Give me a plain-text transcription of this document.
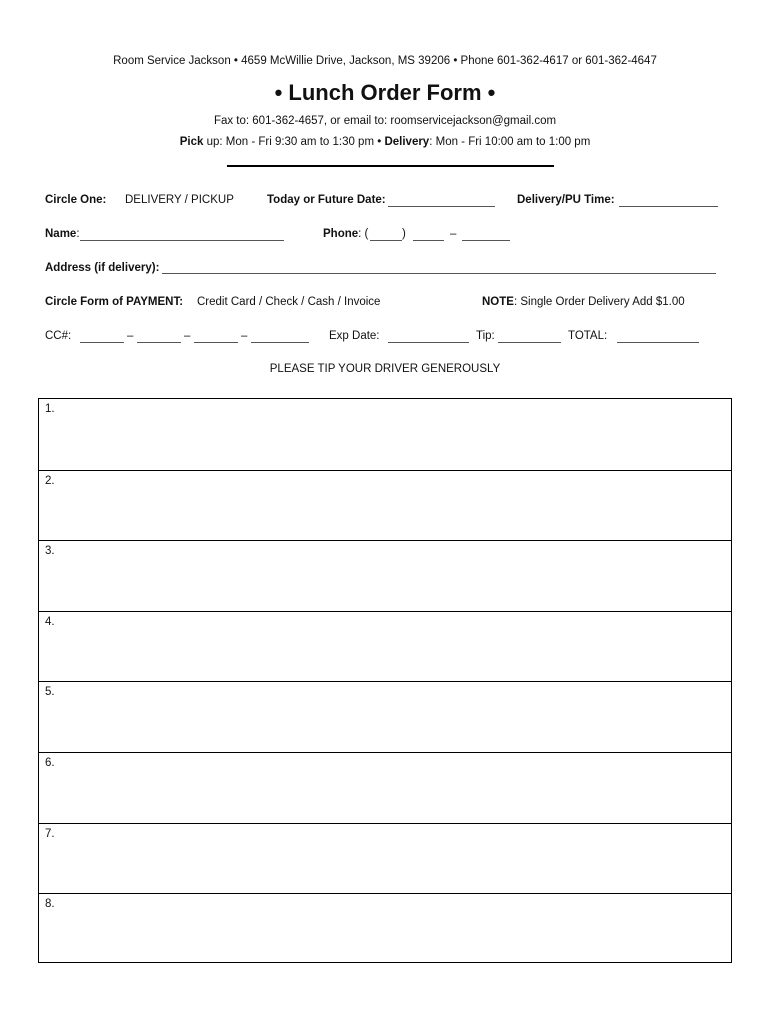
Room Service Jackson • 4659 McWillie Drive, Jackson, MS 39206 • Phone 601-362-4617 or 601-362-4647
• Lunch Order Form •
Fax to: 601-362-4657, or email to: roomservicejackson@gmail.com
Pick up: Mon - Fri 9:30 am to 1:30 pm • Delivery: Mon - Fri 10:00 am to 1:00 pm
Circle One: DELIVERY / PICKUP	Today or Future Date:	Delivery/PU Time:
Name:	Phone: (	)	–
Address (if delivery):
Circle Form of PAYMENT: Credit Card / Check / Cash / Invoice	NOTE: Single Order Delivery Add $1.00
CC#:	–	–	–	Exp Date:	Tip:	TOTAL:
PLEASE TIP YOUR DRIVER GENEROUSLY
1.
2.
3.
4.
5.
6.
7.
8.
